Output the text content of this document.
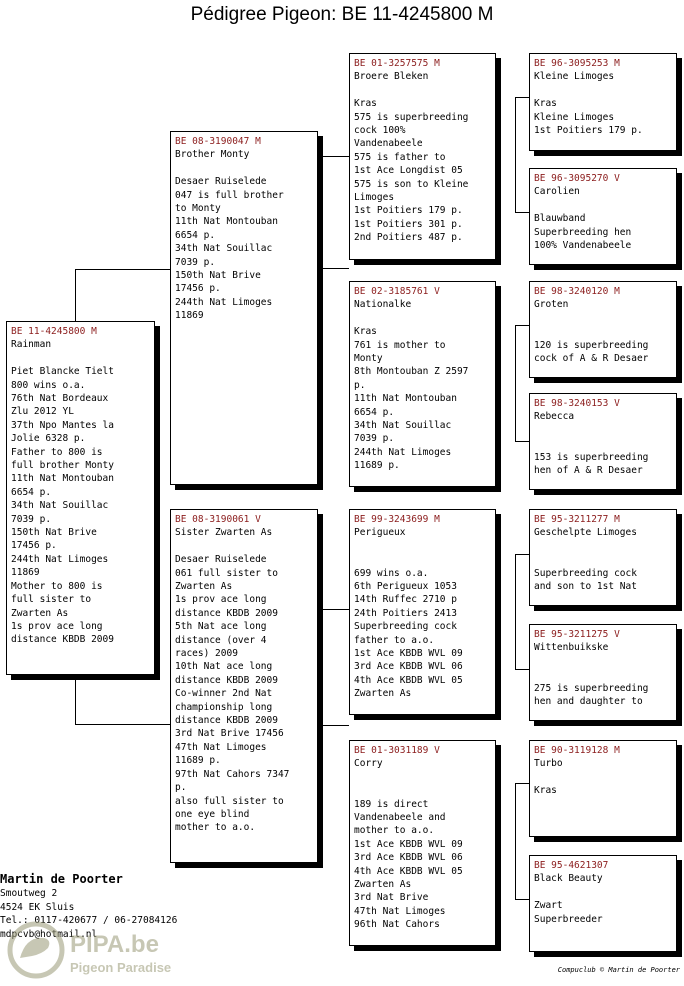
Pédigree Pigeon: BE 11-4245800 M
BE 11-4245800 M
Rainman
Piet Blancke Tielt
800 wins o.a.
76th Nat Bordeaux
Zlu 2012 YL
37th Npo Mantes la
Jolie 6328 p.
Father to 800 is
full brother Monty
11th Nat Montouban
6654 p.
34th Nat Souillac
7039 p.
150th Nat Brive
17456 p.
244th Nat Limoges
11869
Mother to 800 is
full sister to
Zwarten As
1s prov ace long
distance KBDB 2009
BE 08-3190047 M
Brother Monty
Desaer Ruiselede
047 is full brother
to Monty
11th Nat Montouban
6654 p.
34th Nat Souillac
7039 p.
150th Nat Brive
17456 p.
244th Nat Limoges
11869
BE 08-3190061 V
Sister Zwarten As
Desaer Ruiselede
061 full sister to
Zwarten As
1s prov ace long
distance KBDB 2009
5th Nat ace long
distance (over 4
races) 2009
10th Nat ace long
distance KBDB 2009
Co-winner 2nd Nat
championship long
distance KBDB 2009
3rd Nat Brive 17456
47th Nat Limoges
11689 p.
97th Nat Cahors 7347
p.
also full sister to
one eye blind
mother to a.o.
BE 01-3257575 M
Broere Bleken
Kras
575 is superbreeding
cock 100%
Vandenabeele
575 is father to
1st Ace Longdist 05
575 is son to Kleine
Limoges
1st Poitiers 179 p.
1st Poitiers 301 p.
2nd Poitiers 487 p.
BE 02-3185761 V
Nationalke
Kras
761 is mother to
Monty
8th Montouban Z 2597
p.
11th Nat Montouban
6654 p.
34th Nat Souillac
7039 p.
244th Nat Limoges
11689 p.
BE 99-3243699 M
Perigueux
699 wins o.a.
6th Perigueux 1053
14th Ruffec 2710 p
24th Poitiers 2413
Superbreeding cock
father to a.o.
1st Ace KBDB WVL 09
3rd Ace KBDB WVL 06
4th Ace KBDB WVL 05
Zwarten As
BE 01-3031189 V
Corry
189 is direct
Vandenabeele and
mother to a.o.
1st Ace KBDB WVL 09
3rd Ace KBDB WVL 06
4th Ace KBDB WVL 05
Zwarten As
3rd Nat Brive
47th Nat Limoges
96th Nat Cahors
BE 96-3095253 M
Kleine Limoges
Kras
Kleine Limoges
1st Poitiers 179 p.
BE 96-3095270 V
Carolien
Blauwband
Superbreeding hen
100% Vandenabeele
BE 98-3240120 M
Groten
120 is superbreeding
cock of A & R Desaer
BE 98-3240153 V
Rebecca
153 is superbreeding
hen of A & R Desaer
BE 95-3211277 M
Geschelpte Limoges
Superbreeding cock
and son to 1st Nat
BE 95-3211275 V
Wittenbuikske
275 is superbreeding
hen and daughter to
BE 90-3119128 M
Turbo
Kras
BE 95-4621307
Black Beauty
Zwart
Superbreeder
Martin de Poorter
Smoutweg 2
4524 EK Sluis
Tel.: 0117-420677 / 06-27084126
mdpcvb@hotmail.nl
PIPA.be
Pigeon Paradise	Compuclub © Martin de Poorter
